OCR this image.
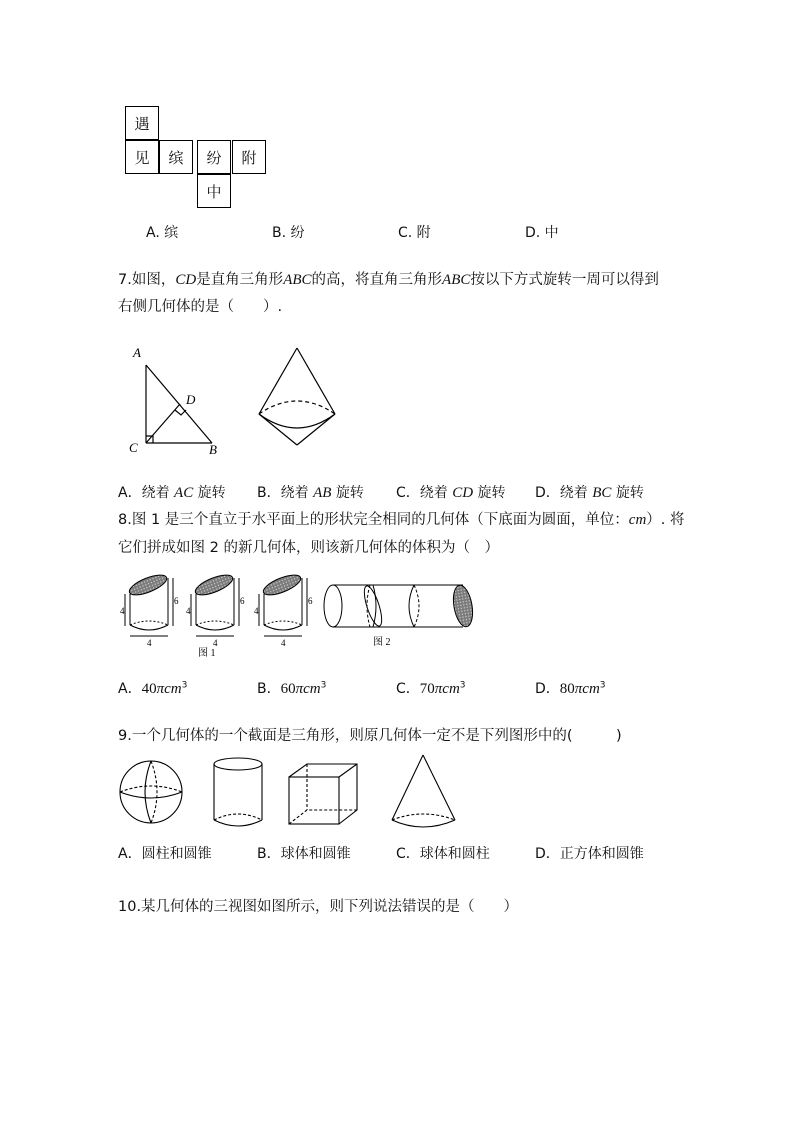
遇
见	缤	纷	附
中
A. 缤	B. 纷	C. 附	D. 中
7.如图，CD是直角三角形ABC的高，将直角三角形ABC按以下方式旋转一周可以得到
右侧几何体的是（　　）.
A
D
C	B
A．绕着 AC 旋转 B．绕着 AB 旋转 C．绕着 CD 旋转 D．绕着 BC 旋转
8.图 1 是三个直立于水平面上的形状完全相同的几何体（下底面为圆面，单位：cm）. 将
它们拼成如图 2 的新几何体，则该新几何体的体积为（　）
4
6
4
4
6
4
4
6
4
图 1
图 2
A．40πcm$^3$	B．60πcm$^3$	C．70πcm$^3$	D．80πcm$^3$
9.一个几何体的一个截面是三角形，则原几何体一定不是下列图形中的(　　　)
A．圆柱和圆锥	B．球体和圆锥	C．球体和圆柱	D．正方体和圆锥
10.某几何体的三视图如图所示，则下列说法错误的是（　　）
